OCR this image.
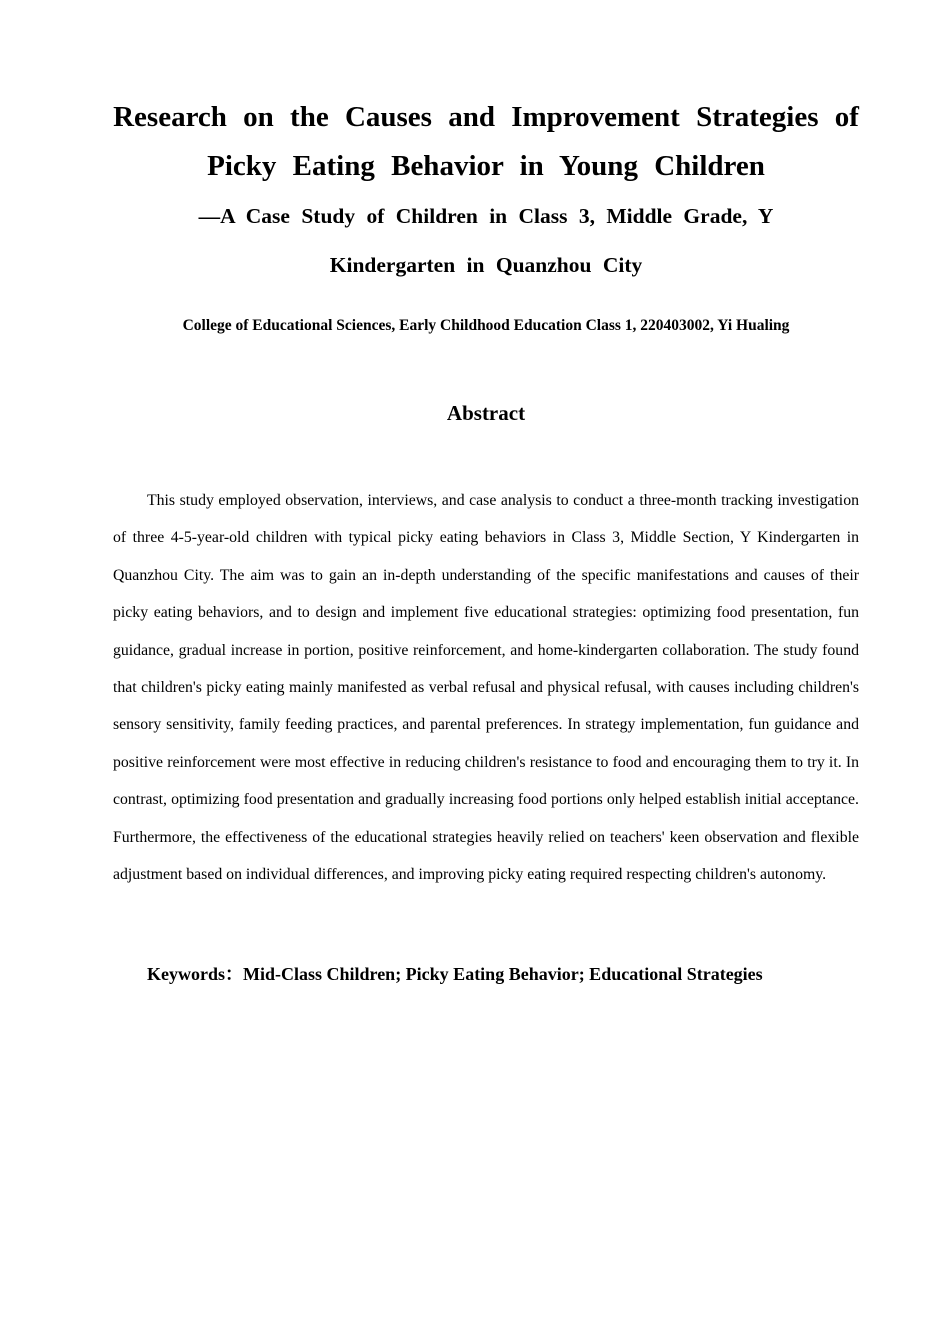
Research on the Causes and Improvement Strategies of
Picky Eating Behavior in Young Children
—A Case Study of Children in Class 3, Middle Grade, Y
Kindergarten in Quanzhou City
College of Educational Sciences, Early Childhood Education Class 1, 220403002, Yi Hualing
Abstract

This study employed observation, interviews, and case analysis to conduct a three-month tracking investigation of three 4-5-year-old children with typical picky eating behaviors in Class 3, Middle Section, Y Kindergarten in Quanzhou City. The aim was to gain an in-depth understanding of the specific manifestations and causes of their picky eating behaviors, and to design and implement five educational strategies: optimizing food presentation, fun guidance, gradual increase in portion, positive reinforcement, and home-kindergarten collaboration. The study found that children's picky eating mainly manifested as verbal refusal and physical refusal, with causes including children's sensory sensitivity, family feeding practices, and parental preferences. In strategy implementation, fun guidance and positive reinforcement were most effective in reducing children's resistance to food and encouraging them to try it. In contrast, optimizing food presentation and gradually increasing food portions only helped establish initial acceptance. Furthermore, the effectiveness of the educational strategies heavily relied on teachers' keen observation and flexible adjustment based on individual differences, and improving picky eating required respecting children's autonomy.

Keywords：Mid-Class Children; Picky Eating Behavior; Educational Strategies
